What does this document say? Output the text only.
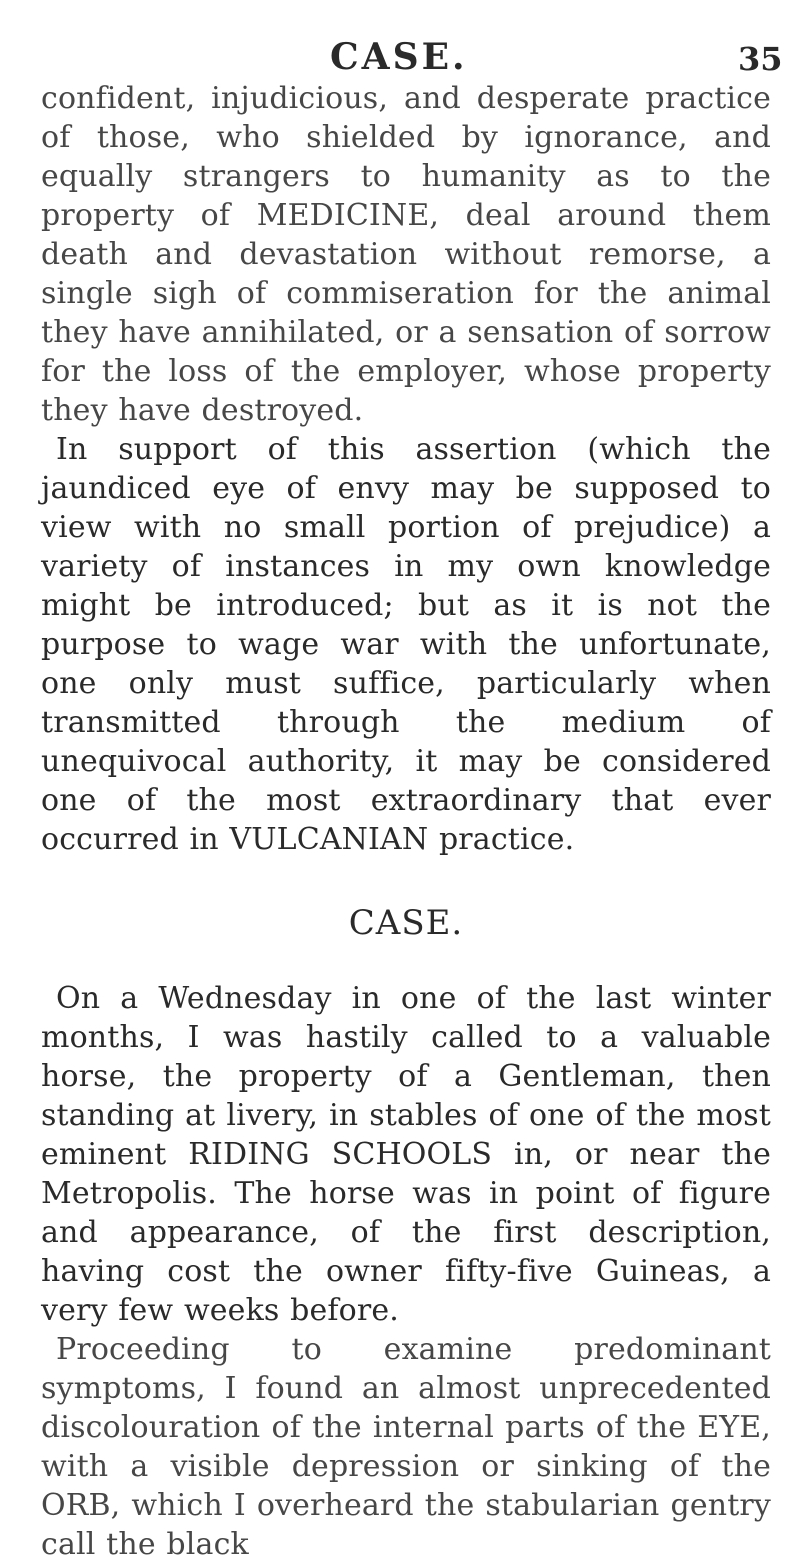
CASE.	35

confident, injudicious, and desperate practice of those, who shielded by ignorance, and equally strangers to humanity as to the property of MEDICINE, deal around them death and devastation without remorse, a single sigh of commiseration for the animal they have annihilated, or a sensation of sorrow for the loss of the employer, whose property they have destroyed.

In support of this assertion (which the jaundiced eye of envy may be supposed to view with no small portion of prejudice) a variety of instances in my own knowledge might be introduced; but as it is not the purpose to wage war with the unfortunate, one only must suffice, particularly when transmitted through the medium of unequivocal authority, it may be considered one of the most extraordinary that ever occurred in VULCANIAN practice.

CASE.

On a Wednesday in one of the last winter months, I was hastily called to a valuable horse, the property of a Gentleman, then standing at livery, in stables of one of the most eminent RIDING SCHOOLS in, or near the Metropolis. The horse was in point of figure and appearance, of the first description, having cost the owner fifty-five Guineas, a very few weeks before.

Proceeding to examine predominant symptoms, I found an almost unprecedented discolouration of the internal parts of the EYE, with a visible depression or sinking of the ORB, which I overheard the stabularian gentry call the black
